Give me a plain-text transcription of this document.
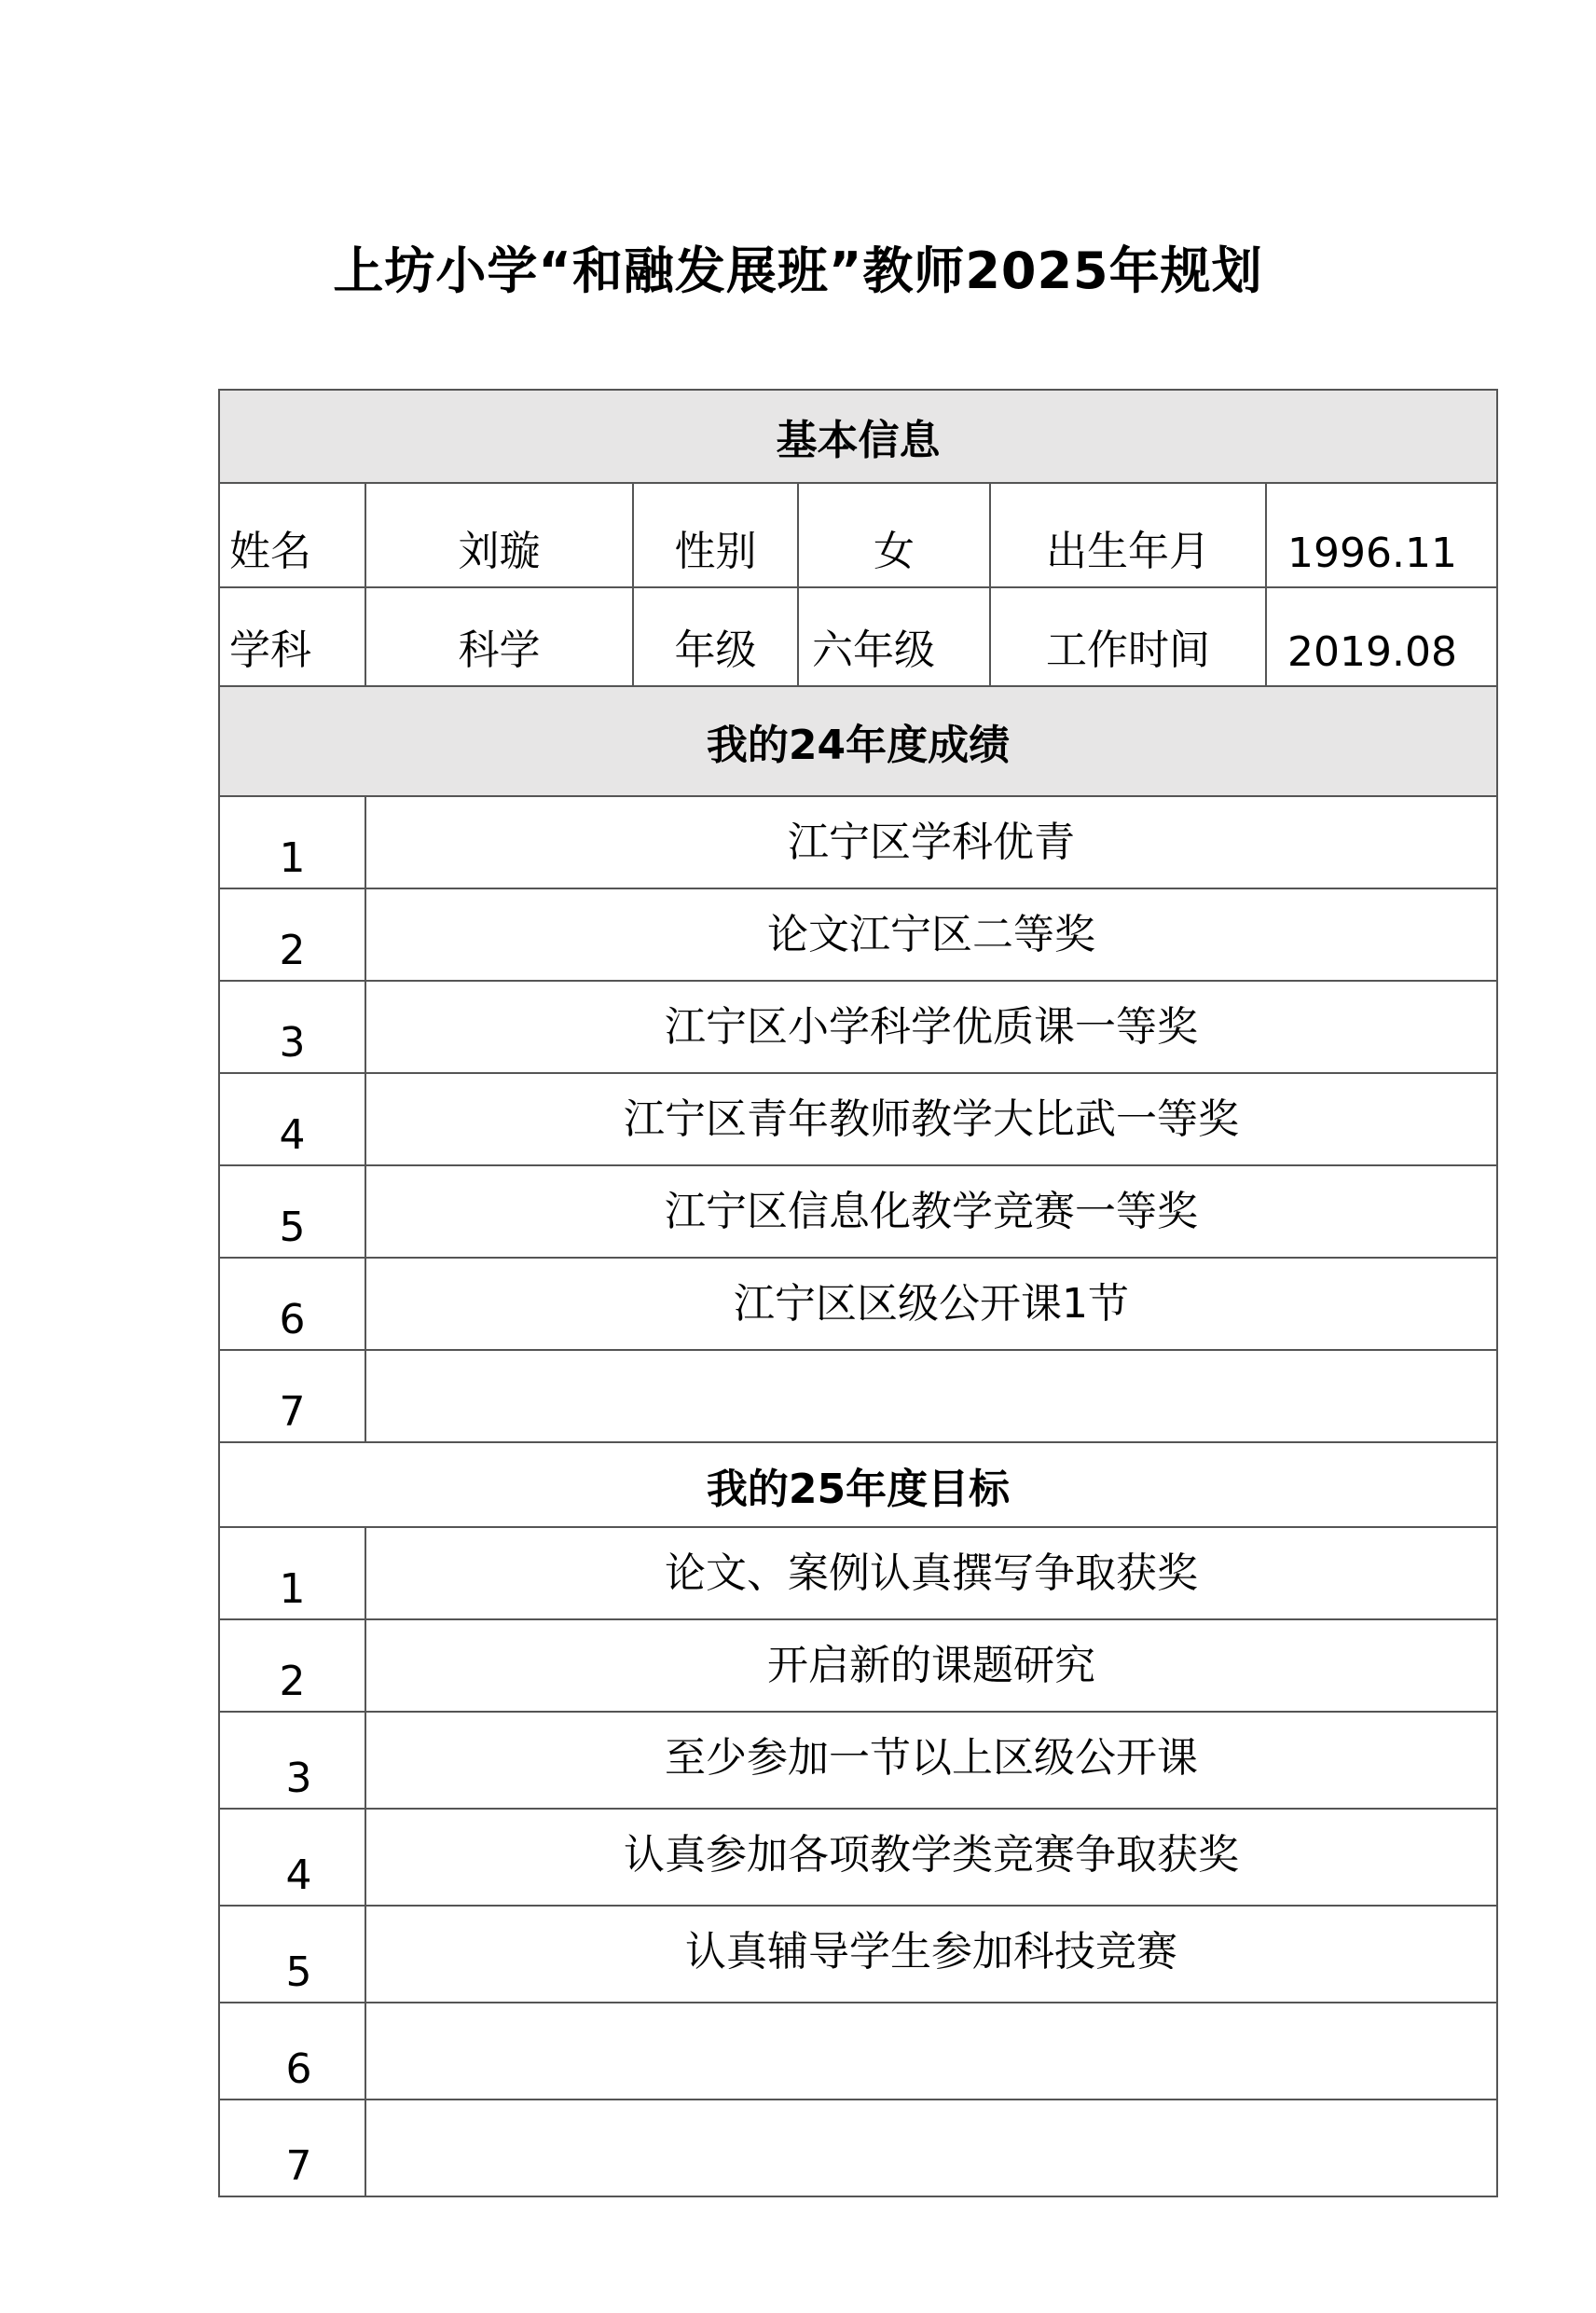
上坊小学“和融发展班”教师2025年规划
基本信息					
姓名	刘璇	性别	女	出生年月	1996.11
学科	科学	年级	六年级	工作时间	2019.08
我的24年度成绩					
1	江宁区学科优青				
2	论文江宁区二等奖				
3	江宁区小学科学优质课一等奖				
4	江宁区青年教师教学大比武一等奖				
5	江宁区信息化教学竞赛一等奖				
6	江宁区区级公开课1节				
7					
我的25年度目标					
1	论文、案例认真撰写争取获奖				
2	开启新的课题研究				
3	至少参加一节以上区级公开课				
4	认真参加各项教学类竞赛争取获奖				
5	认真辅导学生参加科技竞赛				
6					
7					
